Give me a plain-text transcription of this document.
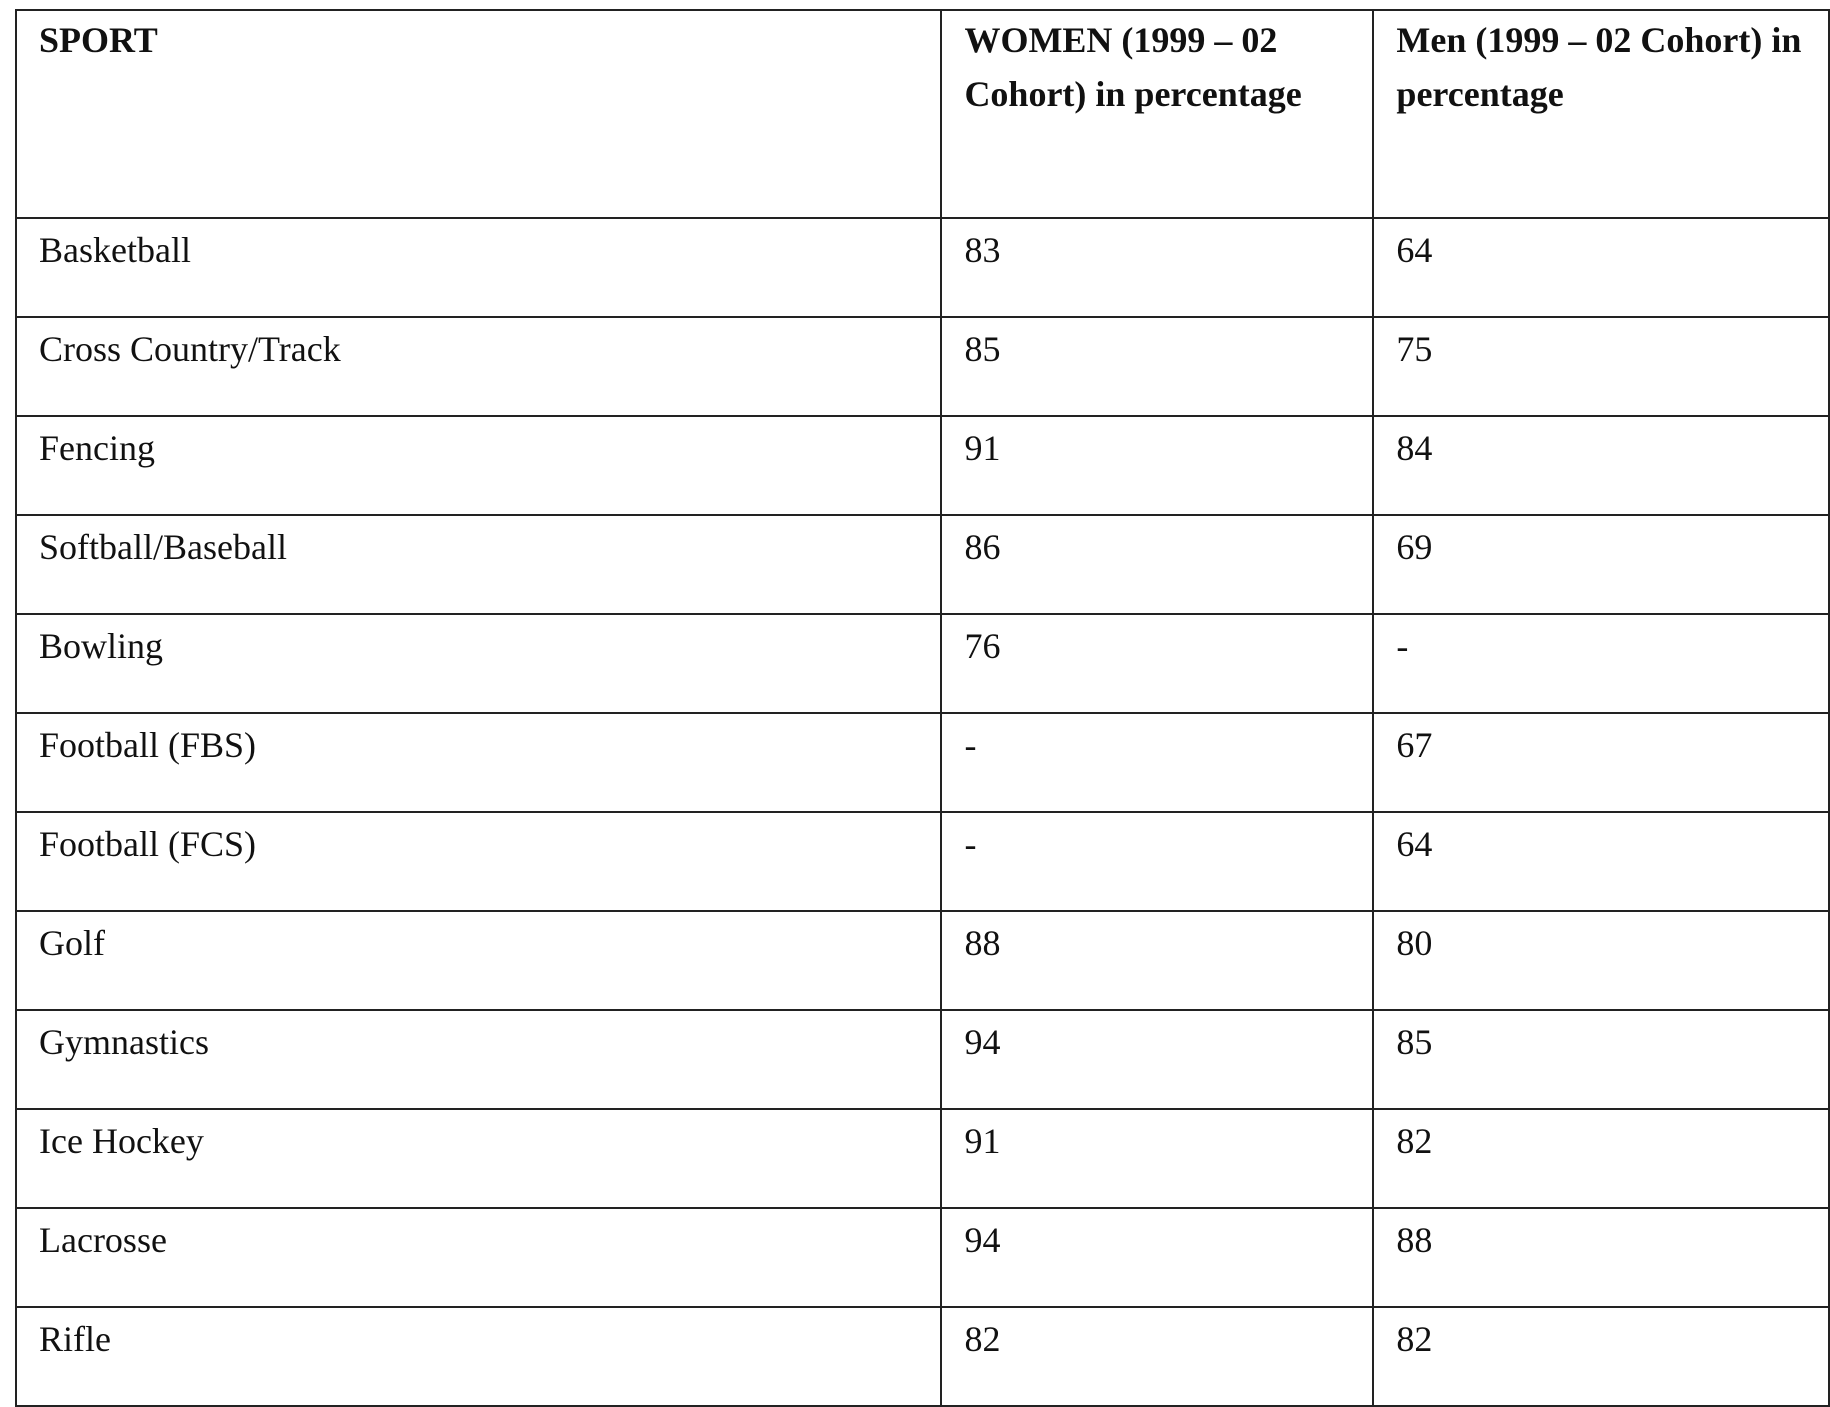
SPORT	WOMEN (1999 – 02 Cohort) in percentage	Men (1999 – 02 Cohort) in percentage

Basketball	83	64

Cross Country/Track	85	75

Fencing	91	84

Softball/Baseball	86	69

Bowling	76	-

Football (FBS)	-	67

Football (FCS)	-	64

Golf	88	80

Gymnastics	94	85

Ice Hockey	91	82

Lacrosse	94	88

Rifle	82	82
